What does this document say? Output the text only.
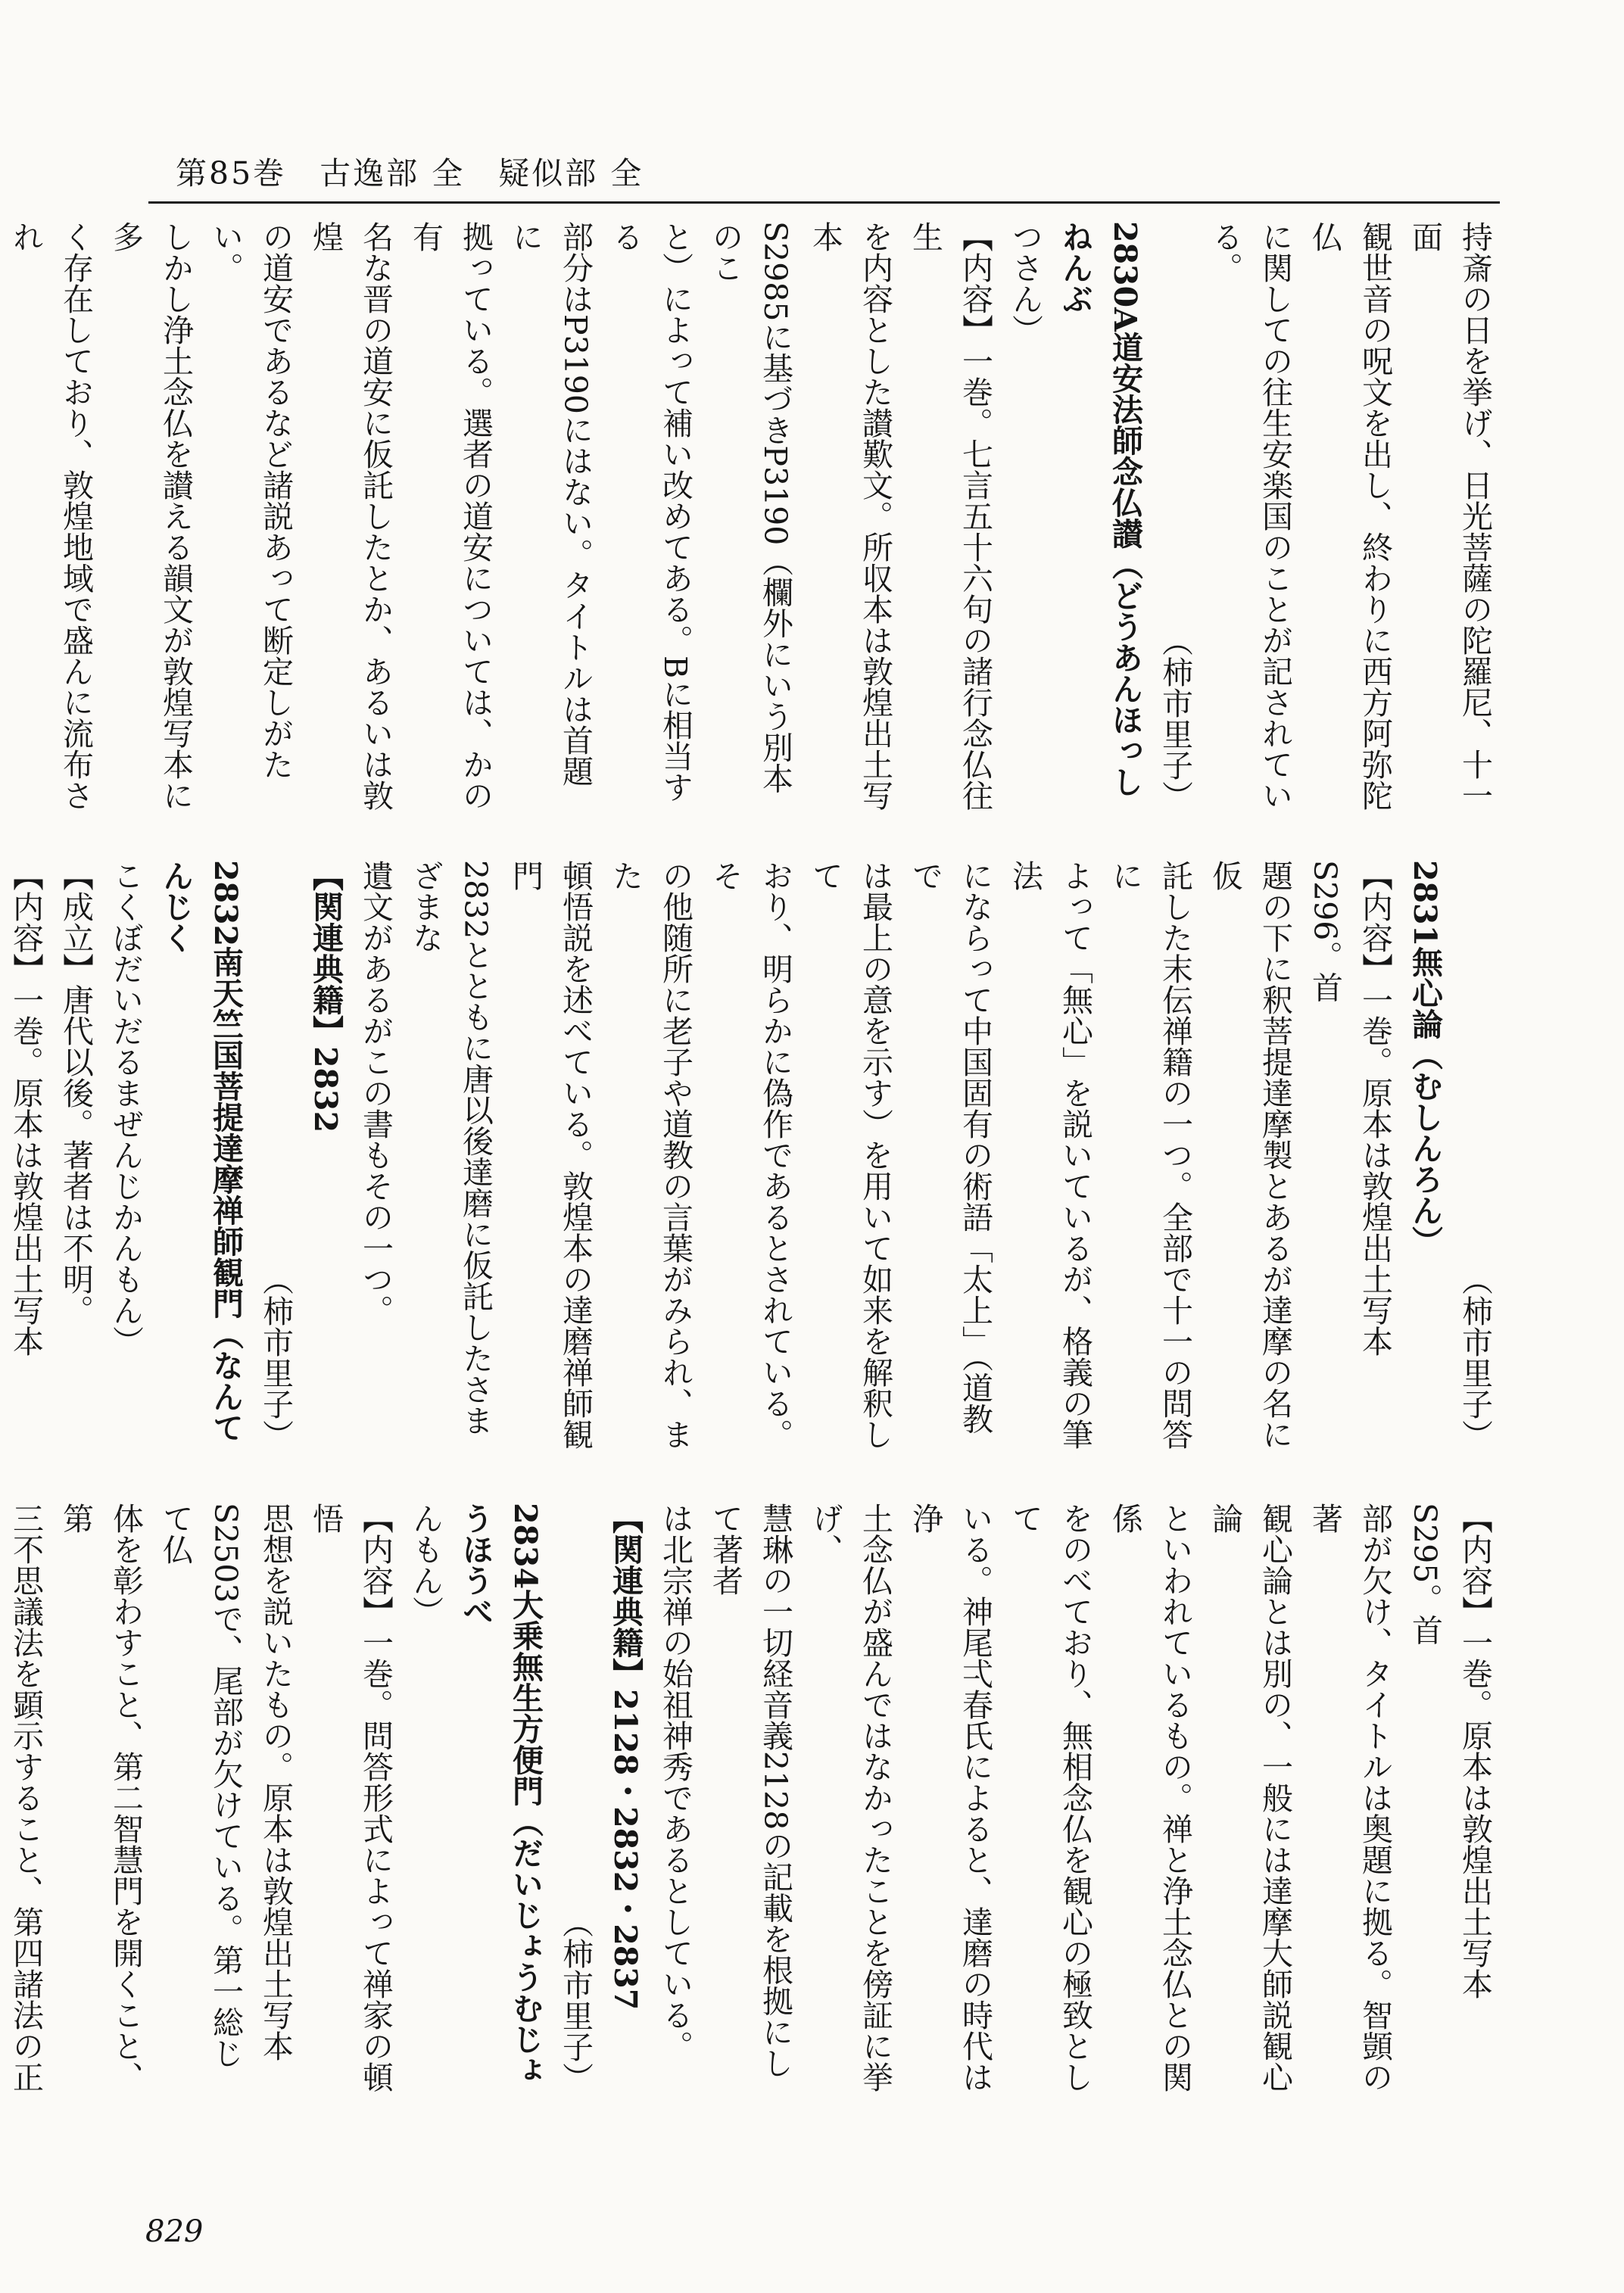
第85巻　古逸部 全　疑似部 全
持斎の日を挙げ、日光菩薩の陀羅尼、十一面
観世音の呪文を出し、終わりに西方阿弥陀仏
に関しての往生安楽国のことが記されている。
（柿市里子）
2830A道安法師念仏讃（どうあんほっしねんぶ
つさん）
【内容】一巻。七言五十六句の諸行念仏往生
を内容とした讃歎文。所収本は敦煌出土写本
S2985に基づきP3190（欄外にいう別本のこ
と）によって補い改めてある。Bに相当する
部分はP3190にはない。タイトルは首題に
拠っている。選者の道安については、かの有
名な晋の道安に仮託したとか、あるいは敦煌
の道安であるなど諸説あって断定しがたい。
しかし浄土念仏を讃える韻文が敦煌写本に多
く存在しており、敦煌地域で盛んに流布され
（柿市里子）
2831無心論（むしんろん）
【内容】一巻。原本は敦煌出土写本S296。首
題の下に釈菩提達摩製とあるが達摩の名に仮
託した末伝禅籍の一つ。全部で十一の問答に
よって「無心」を説いているが、格義の筆法
にならって中国固有の術語「太上」（道教で
は最上の意を示す）を用いて如来を解釈して
おり、明らかに偽作であるとされている。そ
の他随所に老子や道教の言葉がみられ、また
頓悟説を述べている。敦煌本の達磨禅師観門
2832とともに唐以後達磨に仮託したさまざまな
遺文があるがこの書もその一つ。
【関連典籍】2832
（柿市里子）
2832南天竺国菩提達摩禅師観門（なんてんじく
こくぼだいだるまぜんじかんもん）
【成立】唐代以後。著者は不明。
【内容】一巻。原本は敦煌出土写本
【内容】一巻。原本は敦煌出土写本S295。首
部が欠け、タイトルは奥題に拠る。智顗の著
観心論とは別の、一般には達摩大師説観心論
といわれているもの。禅と浄土念仏との関係
をのべており、無相念仏を観心の極致として
いる。神尾弌春氏によると、達磨の時代は浄
土念仏が盛んではなかったことを傍証に挙げ、
慧琳の一切経音義2128の記載を根拠にして著者
は北宗禅の始祖神秀であるとしている。
【関連典籍】2128・2832・2837
（柿市里子）
2834大乗無生方便門（だいじょうむじょうほうべ
んもん）
【内容】一巻。問答形式によって禅家の頓悟
思想を説いたもの。原本は敦煌出土写本
S2503で、尾部が欠けている。第一総じて仏
体を彰わすこと、第二智慧門を開くこと、第
三不思議法を顕示すること、第四諸法の正
829
